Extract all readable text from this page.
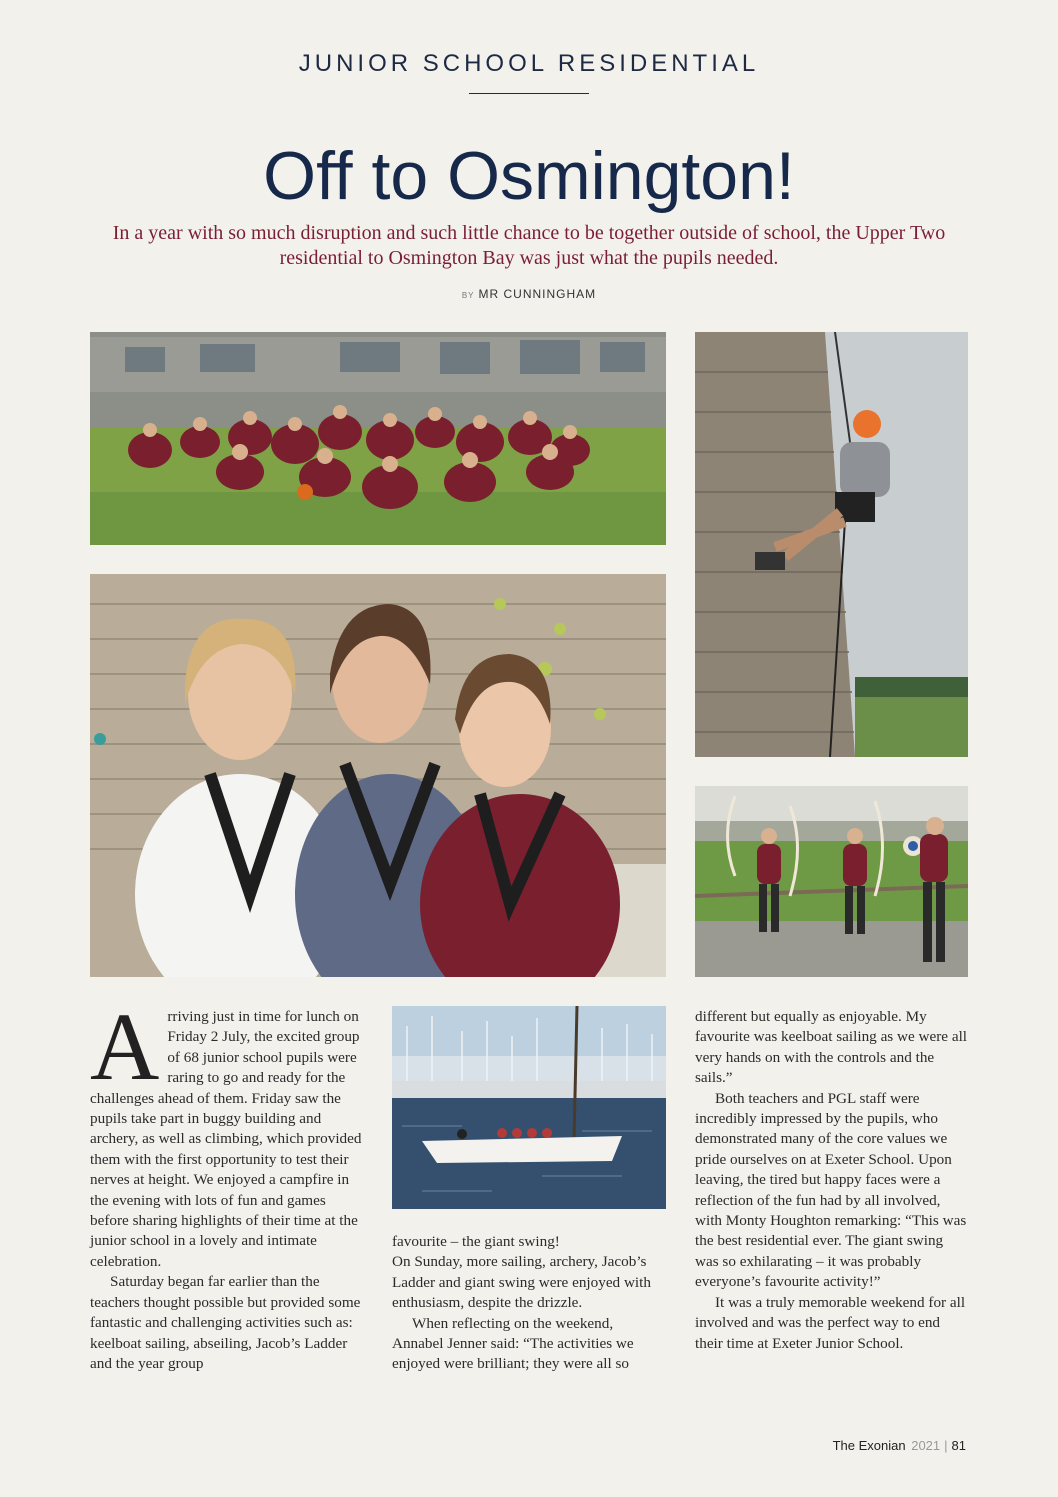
JUNIOR SCHOOL RESIDENTIAL
Off to Osmington!
In a year with so much disruption and such little chance to be together outside of school, the Upper Two residential to Osmington Bay was just what the pupils needed.
BY MR CUNNINGHAM

Arriving just in time for lunch on Friday 2 July, the excited group of 68 junior school pupils were raring to go and ready for the challenges ahead of them. Friday saw the pupils take part in buggy building and archery, as well as climbing, which provided them with the first opportunity to test their nerves at height. We enjoyed a campfire in the evening with lots of fun and games before sharing highlights of their time at the junior school in a lovely and intimate celebration.

Saturday began far earlier than the teachers thought possible but provided some fantastic and challenging activities such as: keelboat sailing, abseiling, Jacob’s Ladder and the year group

favourite – the giant swing!

On Sunday, more sailing, archery, Jacob’s Ladder and giant swing were enjoyed with enthusiasm, despite the drizzle.

When reflecting on the weekend, Annabel Jenner said: “The activities we enjoyed were brilliant; they were all so

different but equally as enjoyable. My favourite was keelboat sailing as we were all very hands on with the controls and the sails.”

Both teachers and PGL staff were incredibly impressed by the pupils, who demonstrated many of the core values we pride ourselves on at Exeter School. Upon leaving, the tired but happy faces were a reflection of the fun had by all involved, with Monty Houghton remarking: “This was the best residential ever. The giant swing was so exhilarating – it was probably everyone’s favourite activity!”

It was a truly memorable weekend for all involved and was the perfect way to end their time at Exeter Junior School.

The Exonian 2021 | 81
